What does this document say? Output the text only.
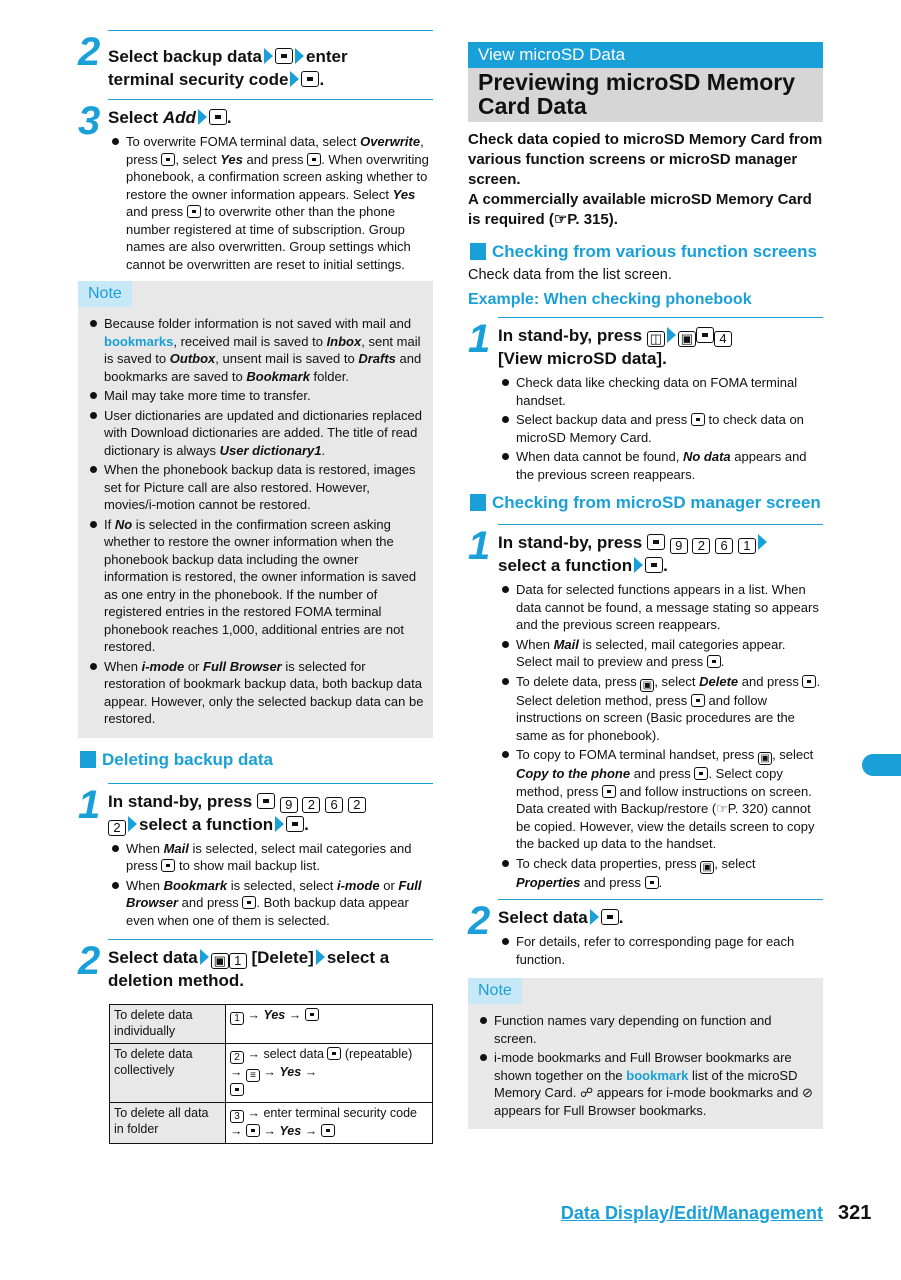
2 Select backup data	enter
terminal security code .
3 Select Add .
To overwrite FOMA terminal data, select Overwrite, press , select Yes and press . When overwriting phonebook, a confirmation screen asking whether to restore the owner information appears. Select Yes and press  to overwrite other than the phone number registered at time of subscription. Group names are also overwritten. Group settings which cannot be overwritten are reset to initial settings.
Note
Because folder information is not saved with mail and bookmarks, received mail is saved to Inbox, sent mail is saved to Outbox, unsent mail is saved to Drafts and bookmarks are saved to Bookmark folder.
Mail may take more time to transfer.
User dictionaries are updated and dictionaries replaced with Download dictionaries are added. The title of read dictionary is always User dictionary1.
When the phonebook backup data is restored, images set for Picture call are also restored. However, movies/i-motion cannot be restored.
If No is selected in the confirmation screen asking whether to restore the owner information when the phonebook backup data including the owner information is restored, the owner information is saved as one entry in the phonebook. If the number of registered entries in the restored FOMA terminal phonebook reaches 1,000, additional entries are not restored.
When i-mode or Full Browser is selected for restoration of bookmark backup data, both backup data appear. However, only the selected backup data can be restored.
Deleting backup data
1 In stand-by, press  9 2 6 2
2 select a function .
When Mail is selected, select mail categories and press  to show mail backup list.
When Bookmark is selected, select i-mode or Full Browser and press . Both backup data appear even when one of them is selected.
2 Select data ▣ 1 [Delete] select a deletion method.
To delete data individually	1 → Yes →
To delete data collectively	2 → select data  (repeatable) → ≡ → Yes →

To delete all data in folder	3 → enter terminal security code →  → Yes →
View microSD Data
Previewing microSD Memory Card Data
Check data copied to microSD Memory Card from various function screens or microSD manager screen.
A commercially available microSD Memory Card is required (☞P. 315).
Checking from various function screens
Check data from the list screen.
Example: When checking phonebook
1 In stand-by, press ◫ ▣ 4
[View microSD data].
Check data like checking data on FOMA terminal handset.
Select backup data and press  to check data on microSD Memory Card.
When data cannot be found, No data appears and the previous screen reappears.
Checking from microSD manager screen
1 In stand-by, press  9 2 6 1
select a function .
Data for selected functions appears in a list. When data cannot be found, a message stating so appears and the previous screen reappears.
When Mail is selected, mail categories appear. Select mail to preview and press .
To delete data, press ▣ , select Delete and press . Select deletion method, press  and follow instructions on screen (Basic procedures are the same as for phonebook).
To copy to FOMA terminal handset, press ▣ , select Copy to the phone and press . Select copy method, press  and follow instructions on screen. Data created with Backup/restore (☞P. 320) cannot be copied. However, view the details screen to copy the backed up data to the handset.
To check data properties, press ▣ , select Properties and press .
2 Select data .
For details, refer to corresponding page for each function.
Note
Function names vary depending on function and screen.
i-mode bookmarks and Full Browser bookmarks are shown together on the bookmark list of the microSD Memory Card. ☍ appears for i-mode bookmarks and ⊘ appears for Full Browser bookmarks.
Data Display/Edit/Management 321
